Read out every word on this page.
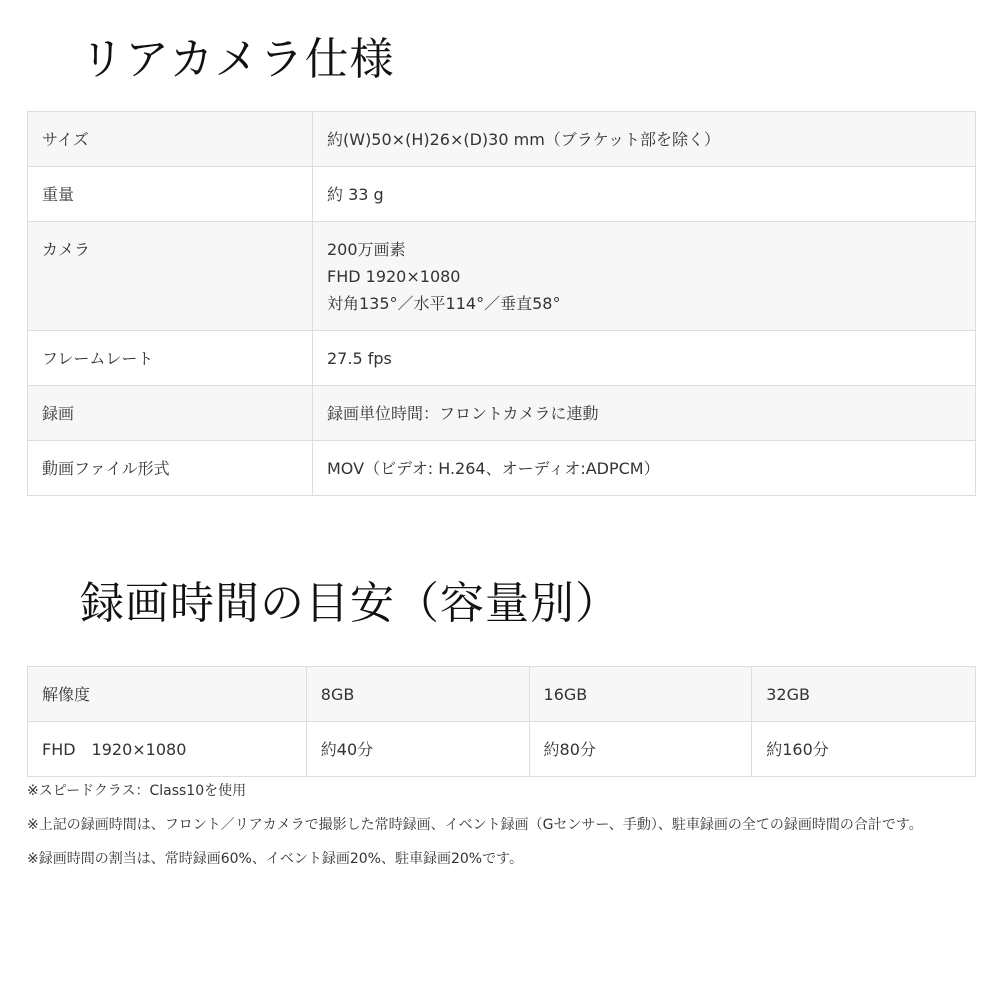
リアカメラ仕様
サイズ	約(W)50×(H)26×(D)30 mm（ブラケット部を除く）

重量	約 33 g

カメラ	200万画素
FHD 1920×1080
対角135°／水平114°／垂直58°

フレームレート	27.5 fps

録画	録画単位時間：フロントカメラに連動

動画ファイル形式	MOV（ビデオ: H.264、オーディオ:ADPCM）
録画時間の目安（容量別）
解像度	8GB	16GB	32GB
FHD　1920×1080	約40分	約80分	約160分

※スピードクラス：Class10を使用

※上記の録画時間は、フロント／リアカメラで撮影した常時録画、イベント録画（Gセンサー、手動）、駐車録画の全ての録画時間の合計です。

※録画時間の割当は、常時録画60%、イベント録画20%、駐車録画20%です。
